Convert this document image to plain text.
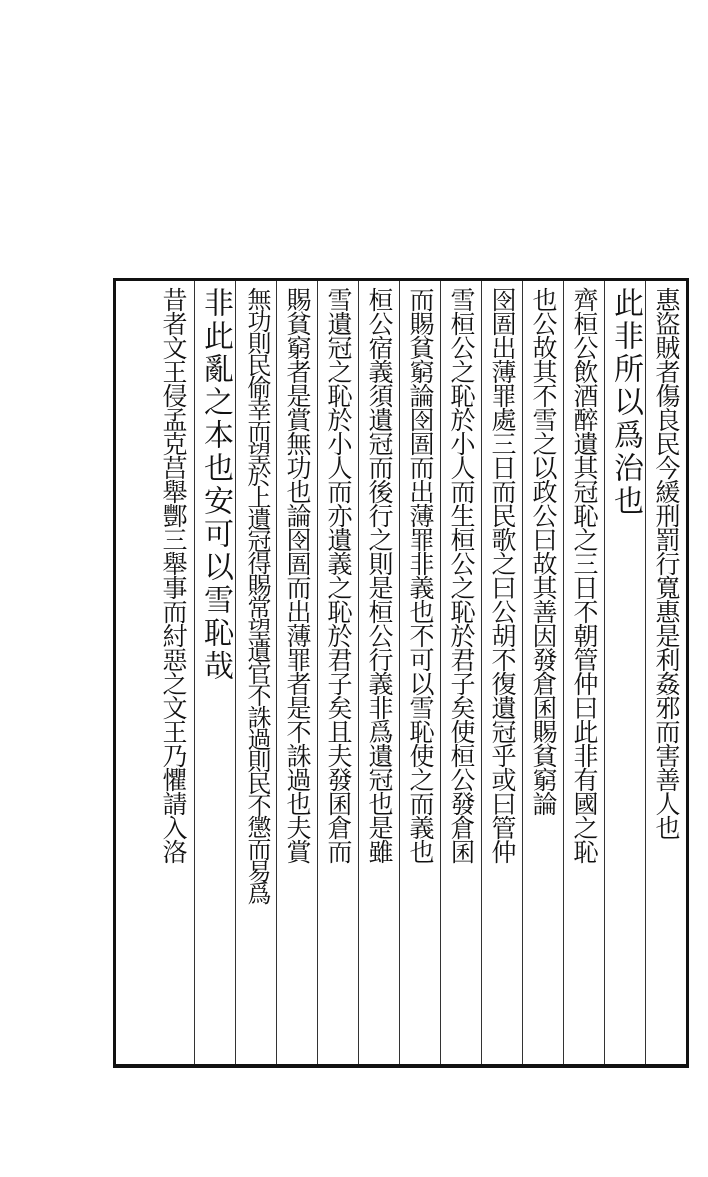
惠盜賊者傷良民今緩刑罰行寬惠是利姦邪而害善人也
此非所以爲治也
齊桓公飲酒醉遺其冠恥之三日不朝管仲曰此非有國之恥
也公故其不雪之以政公曰故其善因發倉囷賜貧窮論
囹圄出薄罪處三日而民歌之曰公胡不復遺冠乎或曰管仲
雪桓公之恥於小人而生桓公之恥於君子矣使桓公發倉囷
而賜貧窮論囹圄而出薄罪非義也不可以雪恥使之而義也
桓公宿義須遺冠而後行之則是桓公行義非爲遺冠也是雖
雪遺冠之恥於小人而亦遺義之恥於君子矣且夫發囷倉而
賜貧窮者是賞無功也論囹圄而出薄罪者是不誅過也夫賞
無功則民偷幸而望於上遺冠得賜常望遺官不誅過則民不懲而易爲
非此亂之本也安可以雪恥哉
昔者文王侵孟克莒舉酆三舉事而紂惡之文王乃懼請入洛
